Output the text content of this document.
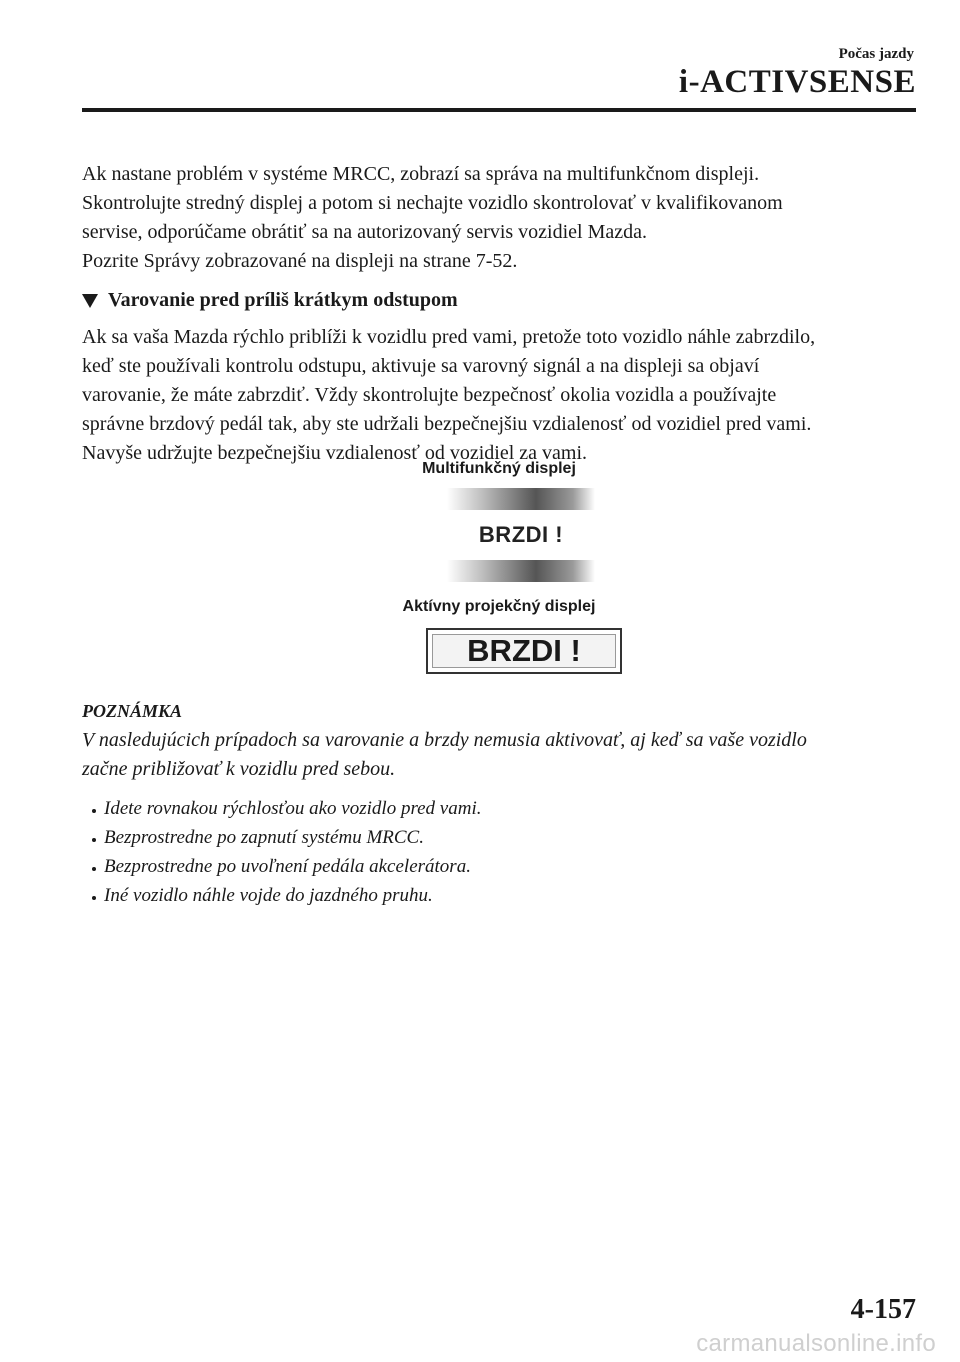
Počas jazdy
i-ACTIVSENSE

Ak nastane problém v systéme MRCC, zobrazí sa správa na multifunkčnom displeji.

Skontrolujte stredný displej a potom si nechajte vozidlo skontrolovať v kvalifikovanom

servise, odporúčame obrátiť sa na autorizovaný servis vozidiel Mazda.

Pozrite Správy zobrazované na displeji na strane 7-52.

Varovanie pred príliš krátkym odstupom

Ak sa vaša Mazda rýchlo priblíži k vozidlu pred vami, pretože toto vozidlo náhle zabrzdilo,

keď ste používali kontrolu odstupu, aktivuje sa varovný signál a na displeji sa objaví

varovanie, že máte zabrzdiť. Vždy skontrolujte bezpečnosť okolia vozidla a používajte

správne brzdový pedál tak, aby ste udržali bezpečnejšiu vzdialenosť od vozidiel pred vami.

Navyše udržujte bezpečnejšiu vzdialenosť od vozidiel za vami.

Multifunkčný displej
BRZDI !
Aktívny projekčný displej
BRZDI !
POZNÁMKA

V nasledujúcich prípadoch sa varovanie a brzdy nemusia aktivovať, aj keď sa vaše vozidlo

začne približovať k vozidlu pred sebou.

Idete rovnakou rýchlosťou ako vozidlo pred vami.
Bezprostredne po zapnutí systému MRCC.
Bezprostredne po uvoľnení pedála akcelerátora.
Iné vozidlo náhle vojde do jazdného pruhu.
4-157
carmanualsonline.info
